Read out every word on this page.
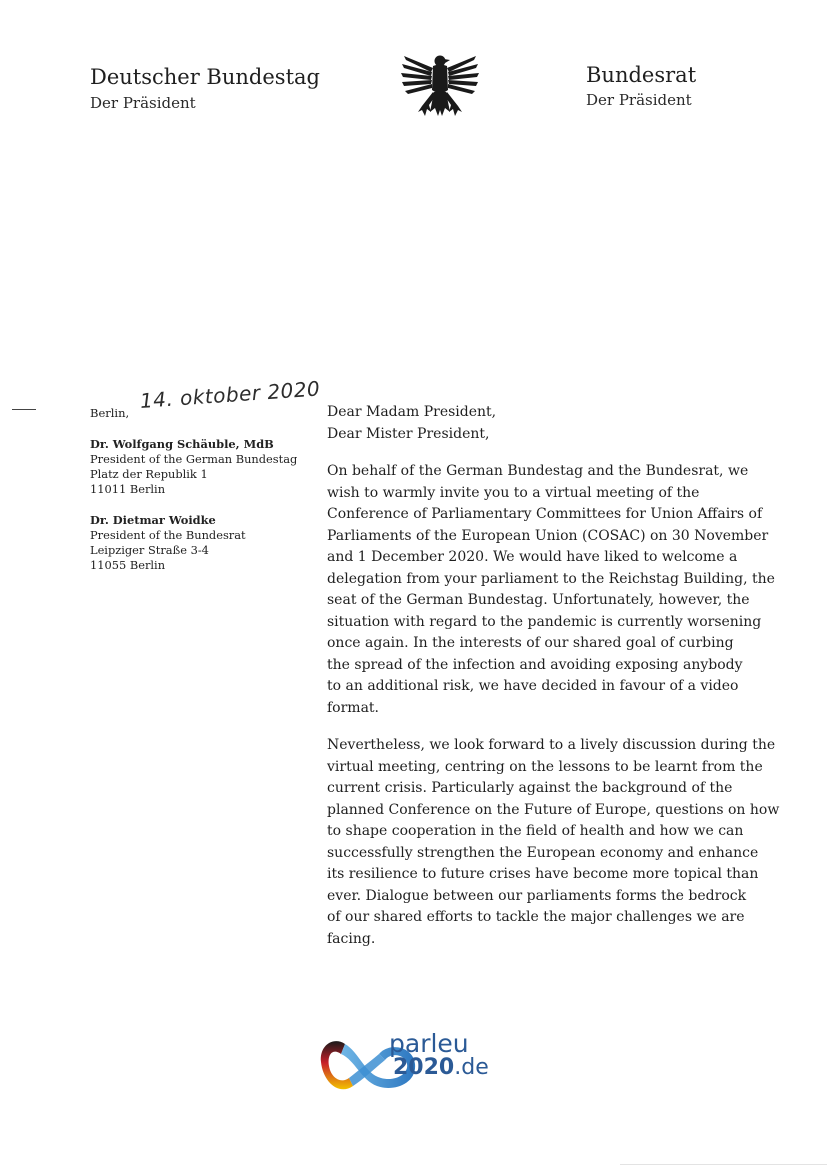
Deutscher Bundestag
Der Präsident
Bundesrat
Der Präsident
Berlin,
14. oktober 2020
Dr. Wolfgang Schäuble, MdB
President of the German Bundestag
Platz der Republik 1
11011 Berlin
Dr. Dietmar Woidke
President of the Bundesrat
Leipziger Straße 3-4
11055 Berlin
Dear Madam President,
Dear Mister President,
On behalf of the German Bundestag and the Bundesrat, we
wish to warmly invite you to a virtual meeting of the
Conference of Parliamentary Committees for Union Affairs of
Parliaments of the European Union (COSAC) on 30 November
and 1 December 2020. We would have liked to welcome a
delegation from your parliament to the Reichstag Building, the
seat of the German Bundestag. Unfortunately, however, the
situation with regard to the pandemic is currently worsening
once again. In the interests of our shared goal of curbing
the spread of the infection and avoiding exposing anybody
to an additional risk, we have decided in favour of a video
format.
Nevertheless, we look forward to a lively discussion during the
virtual meeting, centring on the lessons to be learnt from the
current crisis. Particularly against the background of the
planned Conference on the Future of Europe, questions on how
to shape cooperation in the field of health and how we can
successfully strengthen the European economy and enhance
its resilience to future crises have become more topical than
ever. Dialogue between our parliaments forms the bedrock
of our shared efforts to tackle the major challenges we are
facing.
parleu
2020.de
